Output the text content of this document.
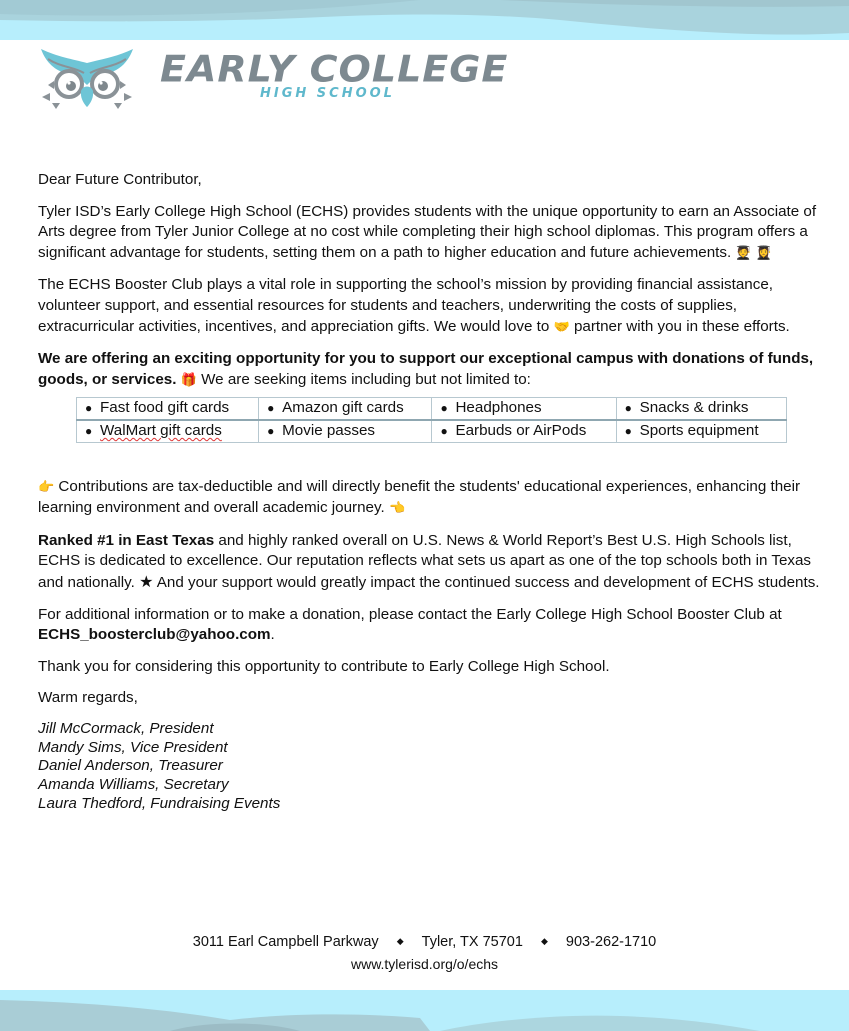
EARLY COLLEGE
HIGH SCHOOL

Dear Future Contributor,

Tyler ISD’s Early College High School (ECHS) provides students with the unique opportunity to earn an Associate of Arts degree from Tyler Junior College at no cost while completing their high school diplomas. This program offers a significant advantage for students, setting them on a path to higher education and future achievements. 🧑‍🎓 👩‍🎓

The ECHS Booster Club plays a vital role in supporting the school’s mission by providing financial assistance, volunteer support, and essential resources for students and teachers, underwriting the costs of supplies, extracurricular activities, incentives, and appreciation gifts. We would love to 🤝 partner with you in these efforts.

We are offering an exciting opportunity for you to support our exceptional campus with donations of funds, goods, or services. 🎁 We are seeking items including but not limited to:

● Fast food gift cards	● Amazon gift cards	● Headphones	● Snacks & drinks
● WalMart gift cards	● Movie passes	● Earbuds or AirPods	● Sports equipment

👉 Contributions are tax-deductible and will directly benefit the students' educational experiences, enhancing their learning environment and overall academic journey. 👈

Ranked #1 in East Texas and highly ranked overall on U.S. News & World Report’s Best U.S. High Schools list, ECHS is dedicated to excellence. Our reputation reflects what sets us apart as one of the top schools both in Texas and nationally. ★ And your support would greatly impact the continued success and development of ECHS students.

For additional information or to make a donation, please contact the Early College High School Booster Club at ECHS_boosterclub@yahoo.com.

Thank you for considering this opportunity to contribute to Early College High School.

Warm regards,

Jill McCormack, President
Mandy Sims, Vice President
Daniel Anderson, Treasurer
Amanda Williams, Secretary
Laura Thedford, Fundraising Events
3011 Earl Campbell Parkway ◆ Tyler, TX 75701 ◆ 903-262-1710
www.tylerisd.org/o/echs
